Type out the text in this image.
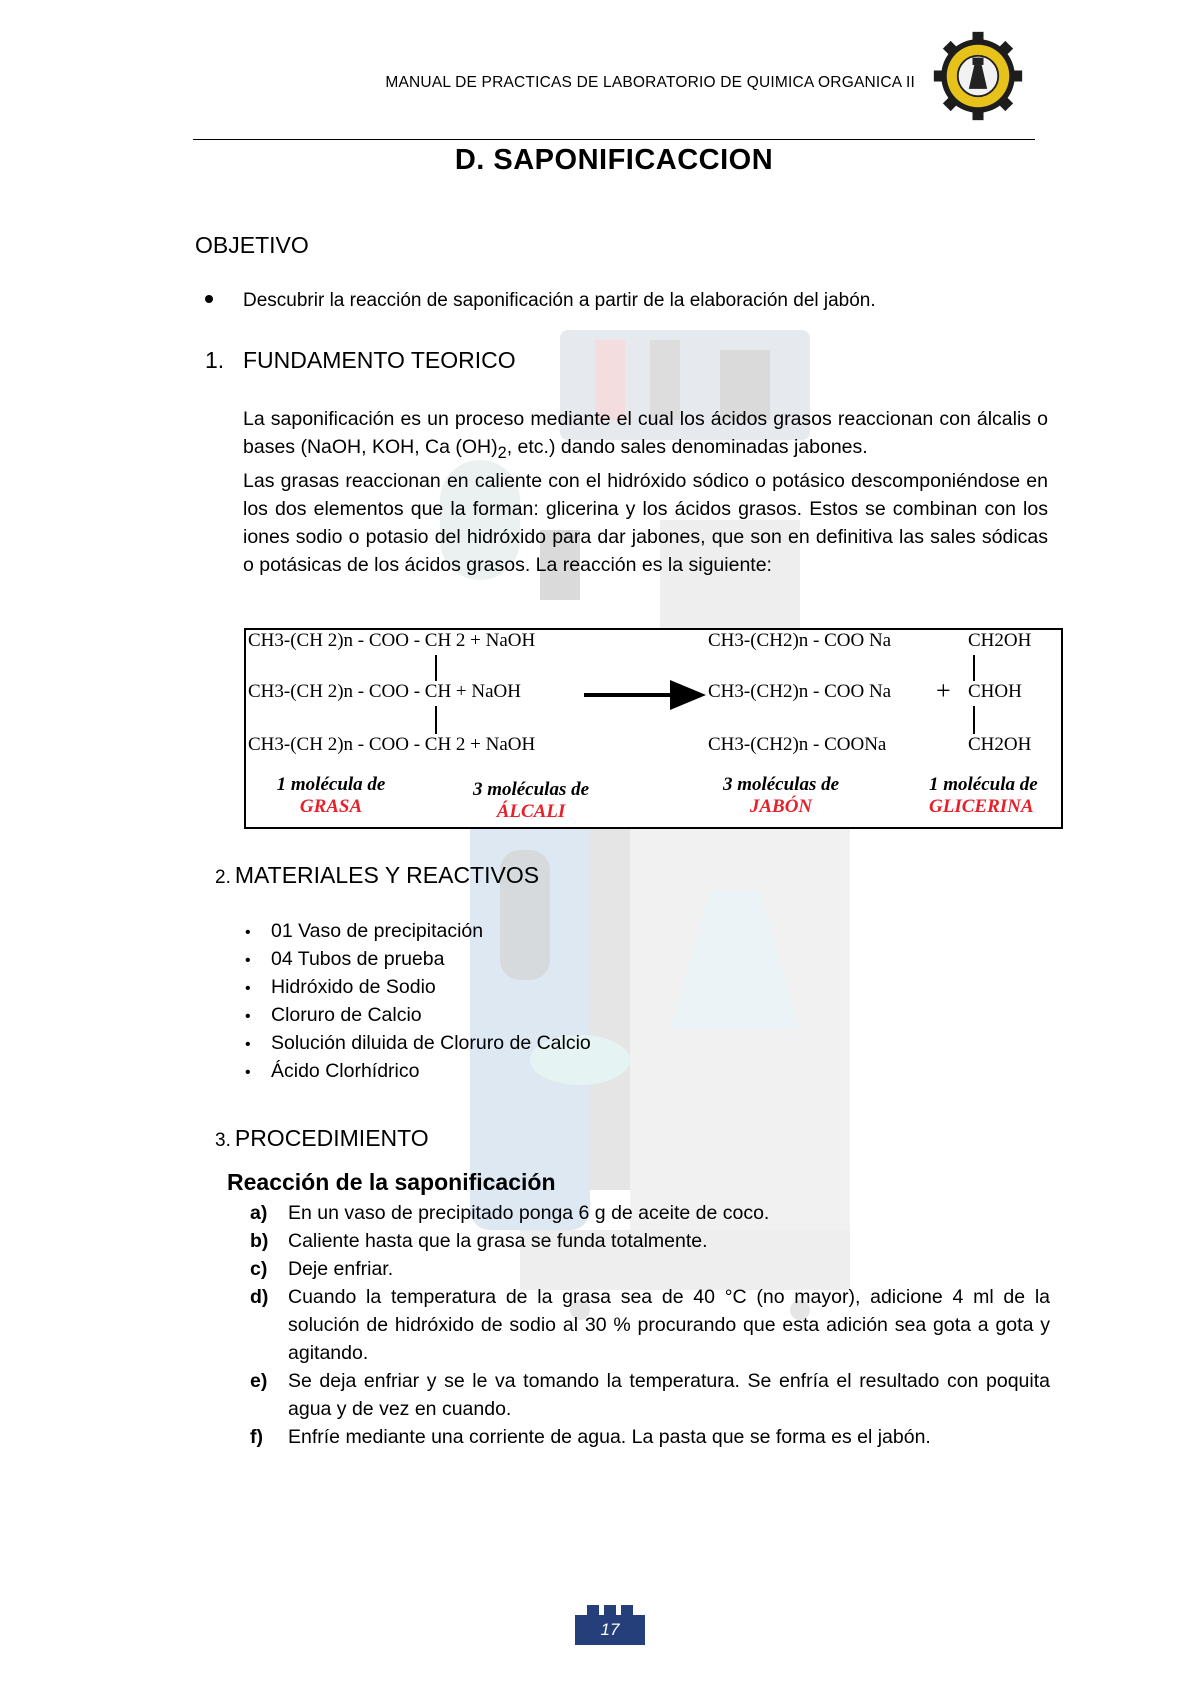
MANUAL DE PRACTICAS DE LABORATORIO DE QUIMICA ORGANICA II
D. SAPONIFICACCION
OBJETIVO
Descubrir la reacción de saponificación a partir de la elaboración del jabón.
1. FUNDAMENTO TEORICO

La saponificación es un proceso mediante el cual los ácidos grasos reaccionan con álcalis o bases (NaOH, KOH, Ca $(OH)_2$, etc.) dando sales denominadas jabones.

Las grasas reaccionan en caliente con el hidróxido sódico o potásico descomponiéndose en los dos elementos que la forman: glicerina y los ácidos grasos. Estos se combinan con los iones sodio o potasio del hidróxido para dar jabones, que son en definitiva las sales sódicas o potásicas de los ácidos grasos. La reacción es la siguiente:

CH3-(CH 2)n - COO - CH 2 + NaOH
CH3-(CH 2)n - COO - CH + NaOH
CH3-(CH 2)n - COO - CH 2 + NaOH
CH3-(CH2)n - COO Na
CH3-(CH2)n - COO Na
CH3-(CH2)n - COONa
+
CH2OH
CHOH
CH2OH
1 molécula de
GRASA
3 moléculas de
ÁLCALI
3 moléculas de
JABÓN
1 molécula de
GLICERINA
2. MATERIALES Y REACTIVOS
• 01 Vaso de precipitación
• 04 Tubos de prueba
• Hidróxido de Sodio
• Cloruro de Calcio
• Solución diluida de Cloruro de Calcio
• Ácido Clorhídrico
3. PROCEDIMIENTO
Reacción de la saponificación
a) En un vaso de precipitado ponga 6 g de aceite de coco.
b) Caliente hasta que la grasa se funda totalmente.
c) Deje enfriar.
d) Cuando la temperatura de la grasa sea de 40 °C (no mayor), adicione 4 ml de la solución de hidróxido de sodio al 30 % procurando que esta adición sea gota a gota y agitando.
e) Se deja enfriar y se le va tomando la temperatura. Se enfría el resultado con poquita agua y de vez en cuando.
f) Enfríe mediante una corriente de agua. La pasta que se forma es el jabón.
17
